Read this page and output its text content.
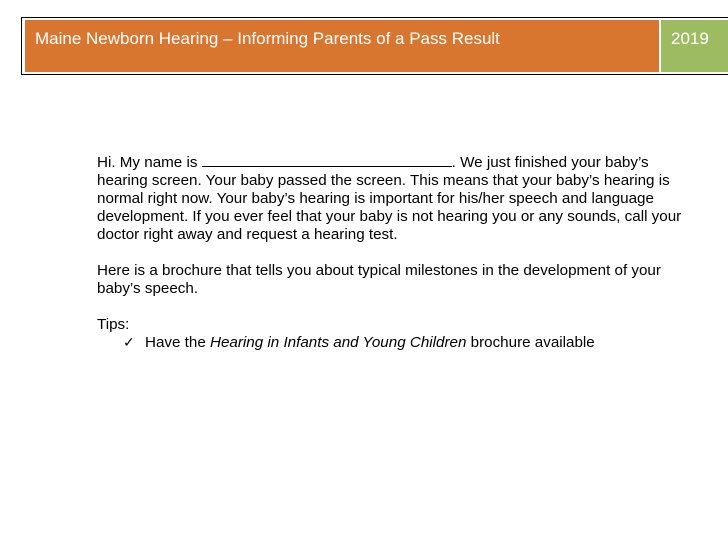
Maine Newborn Hearing – Informing Parents of a Pass Result	2019

Hi. My name is	. We just finished your baby’s
hearing screen. Your baby passed the screen. This means that your baby’s hearing is
normal right now. Your baby’s hearing is important for his/her speech and language
development. If you ever feel that your baby is not hearing you or any sounds, call your
doctor right away and request a hearing test.

Here is a brochure that tells you about typical milestones in the development of your
baby’s speech.

Tips:
✓ Have the Hearing in Infants and Young Children brochure available
